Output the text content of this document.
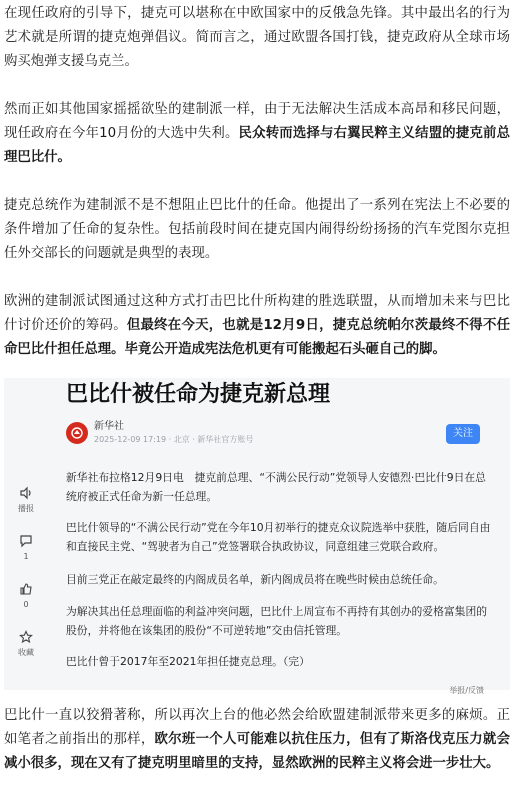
在现任政府的引导下，捷克可以堪称在中欧国家中的反俄急先锋。其中最出名的行为艺术就是所谓的捷克炮弹倡议。简而言之，通过欧盟各国打钱，捷克政府从全球市场购买炮弹支援乌克兰。

然而正如其他国家摇摇欲坠的建制派一样，由于无法解决生活成本高昂和移民问题，现任政府在今年10月份的大选中失利。民众转而选择与右翼民粹主义结盟的捷克前总理巴比什。

捷克总统作为建制派不是不想阻止巴比什的任命。他提出了一系列在宪法上不必要的条件增加了任命的复杂性。包括前段时间在捷克国内闹得纷纷扬扬的汽车党图尔克担任外交部长的问题就是典型的表现。

欧洲的建制派试图通过这种方式打击巴比什所构建的胜选联盟，从而增加未来与巴比什讨价还价的筹码。但最终在今天，也就是12月9日，捷克总统帕尔茨最终不得不任命巴比什担任总理。毕竟公开造成宪法危机更有可能搬起石头砸自己的脚。

巴比什被任命为捷克新总理
新华社
2025-12-09 17:19 · 北京 · 新华社官方账号
关注
播报
1
0
收藏
新华社布拉格12月9日电　捷克前总理、“不满公民行动”党领导人安德烈·巴比什9日在总统府被正式任命为新一任总理。
巴比什领导的“不满公民行动”党在今年10月初举行的捷克众议院选举中获胜，随后同自由和直接民主党、“驾驶者为自己”党签署联合执政协议，同意组建三党联合政府。
目前三党正在敲定最终的内阁成员名单，新内阁成员将在晚些时候由总统任命。
为解决其出任总理面临的利益冲突问题，巴比什上周宣布不再持有其创办的爱格富集团的股份，并将他在该集团的股份“不可逆转地”交由信托管理。
巴比什曾于2017年至2021年担任捷克总理。（完）
举报/反馈

巴比什一直以狡猾著称，所以再次上台的他必然会给欧盟建制派带来更多的麻烦。正如笔者之前指出的那样，欧尔班一个人可能难以抗住压力，但有了斯洛伐克压力就会减小很多，现在又有了捷克明里暗里的支持，显然欧洲的民粹主义将会进一步壮大。
